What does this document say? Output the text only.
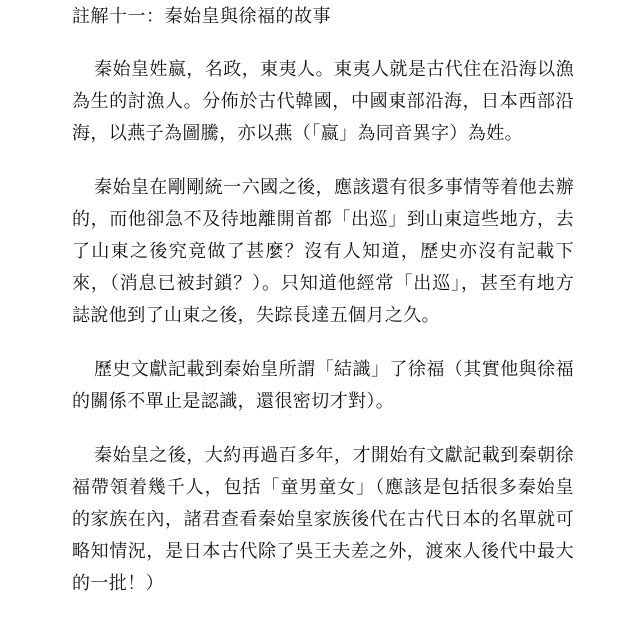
註解十一：秦始皇與徐福的故事

秦始皇姓嬴，名政，東夷人。東夷人就是古代住在沿海以漁為生的討漁人。分佈於古代韓國，中國東部沿海，日本西部沿海，以燕子為圖騰，亦以燕（「嬴」為同音異字）為姓。

秦始皇在剛剛統一六國之後，應該還有很多事情等着他去辦的，而他卻急不及待地離開首都「出巡」到山東這些地方，去了山東之後究竟做了甚麼？沒有人知道，歷史亦沒有記載下來，（消息已被封鎖？）。只知道他經常「出巡」，甚至有地方誌說他到了山東之後，失踪長達五個月之久。

歷史文獻記載到秦始皇所謂「結識」了徐福（其實他與徐福的關係不單止是認識，還很密切才對）。

秦始皇之後，大約再過百多年，才開始有文獻記載到秦朝徐福帶領着幾千人，包括「童男童女」（應該是包括很多秦始皇的家族在內，諸君查看秦始皇家族後代在古代日本的名單就可略知情況，是日本古代除了吳王夫差之外，渡來人後代中最大的一批！）
